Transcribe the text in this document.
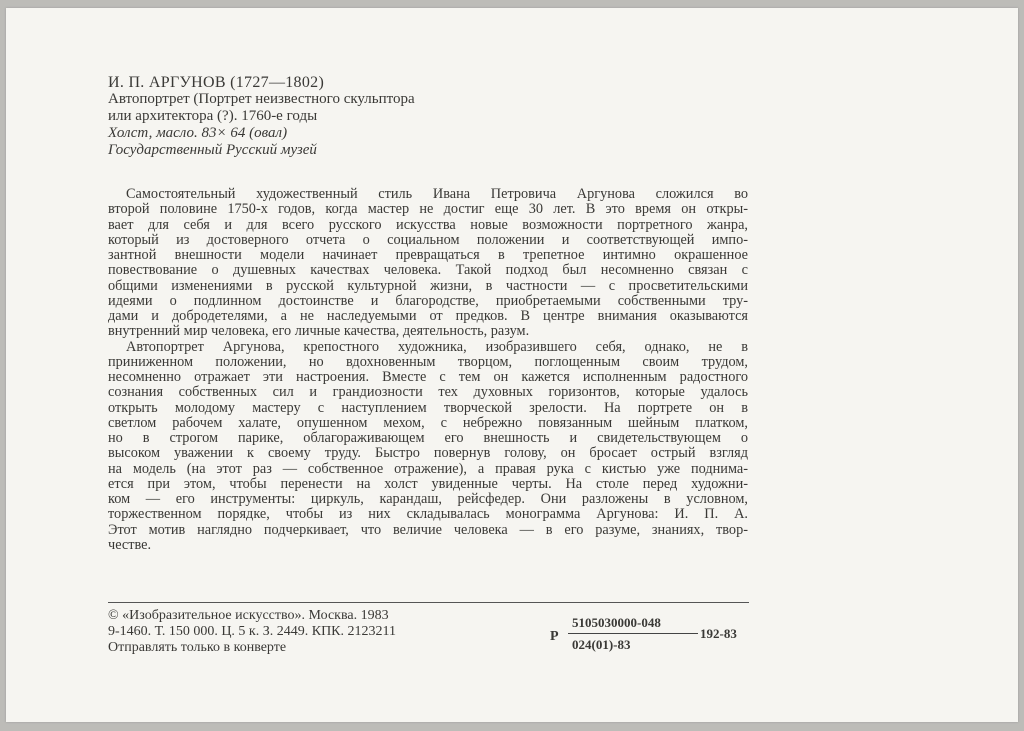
И. П. АРГУНОВ (1727—1802)
Автопортрет (Портрет неизвестного скульптора
или архитектора (?). 1760-е годы
Холст, масло. 83× 64 (овал)
Государственный Русский музей
Самостоятельный художественный стиль Ивана Петровича Аргунова сложился во
второй половине 1750-х годов, когда мастер не достиг еще 30 лет. В это время он откры-
вает для себя и для всего русского искусства новые возможности портретного жанра,
который из достоверного отчета о социальном положении и соответствующей импо-
зантной внешности модели начинает превращаться в трепетное интимно окрашенное
повествование о душевных качествах человека. Такой подход был несомненно связан с
общими изменениями в русской культурной жизни, в частности — с просветительскими
идеями о подлинном достоинстве и благородстве, приобретаемыми собственными тру-
дами и добродетелями, а не наследуемыми от предков. В центре внимания оказываются
внутренний мир человека, его личные качества, деятельность, разум.
Автопортрет Аргунова, крепостного художника, изобразившего себя, однако, не в
приниженном положении, но вдохновенным творцом, поглощенным своим трудом,
несомненно отражает эти настроения. Вместе с тем он кажется исполненным радостного
сознания собственных сил и грандиозности тех духовных горизонтов, которые удалось
открыть молодому мастеру с наступлением творческой зрелости. На портрете он в
светлом рабочем халате, опушенном мехом, с небрежно повязанным шейным платком,
но в строгом парике, облагораживающем его внешность и свидетельствующем о
высоком уважении к своему труду. Быстро повернув голову, он бросает острый взгляд
на модель (на этот раз — собственное отражение), а правая рука с кистью уже поднима-
ется при этом, чтобы перенести на холст увиденные черты. На столе перед художни-
ком — его инструменты: циркуль, карандаш, рейсфедер. Они разложены в условном,
торжественном порядке, чтобы из них складывалась монограмма Аргунова: И. П. А.
Этот мотив наглядно подчеркивает, что величие человека — в его разуме, знаниях, твор-
честве.
© «Изобразительное искусство». Москва. 1983
9-1460. Т. 150 000. Ц. 5 к. З. 2449. КПК. 2123211
Отправлять только в конверте
Р
5105030000-048
024(01)-83
192-83
